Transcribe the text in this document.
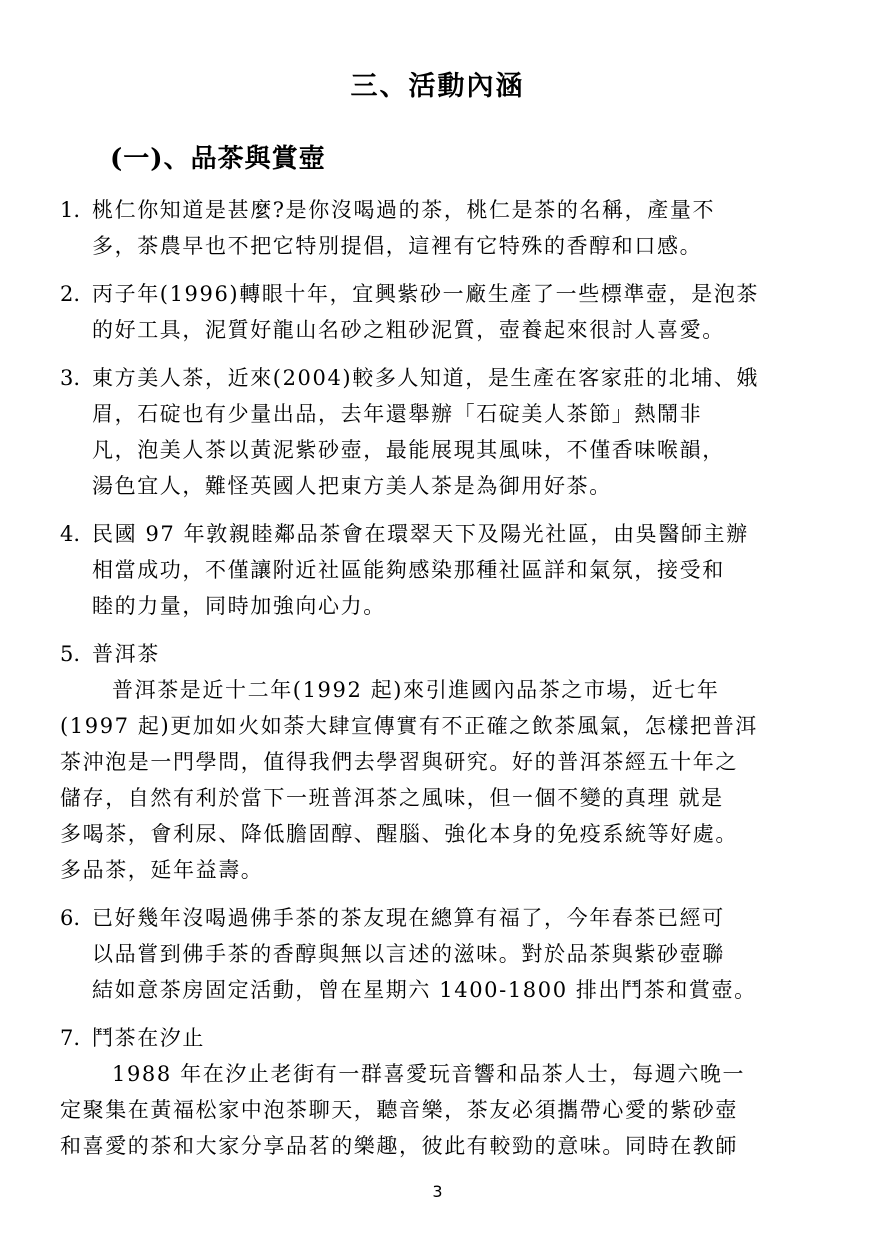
三、活動內涵
(一)、品茶與賞壺
1. 桃仁你知道是甚麼?是你沒喝過的茶，桃仁是茶的名稱，產量不
多，茶農早也不把它特別提倡，這裡有它特殊的香醇和口感。
2. 丙子年(1996)轉眼十年，宜興紫砂一廠生產了一些標準壺，是泡茶
的好工具，泥質好龍山名砂之粗砂泥質，壺養起來很討人喜愛。
3. 東方美人茶，近來(2004)較多人知道，是生產在客家莊的北埔、娥
眉，石碇也有少量出品，去年還舉辦「石碇美人茶節」熱鬧非
凡，泡美人茶以黃泥紫砂壺，最能展現其風味，不僅香味喉韻，
湯色宜人，難怪英國人把東方美人茶是為御用好茶。
4. 民國 97 年敦親睦鄰品茶會在環翠天下及陽光社區，由吳醫師主辦
相當成功，不僅讓附近社區能夠感染那種社區詳和氣氛，接受和
睦的力量，同時加強向心力。
5. 普洱茶
普洱茶是近十二年(1992 起)來引進國內品茶之市場，近七年
(1997 起)更加如火如荼大肆宣傳實有不正確之飲茶風氣，怎樣把普洱
茶沖泡是一門學問，值得我們去學習與研究。好的普洱茶經五十年之
儲存，自然有利於當下一班普洱茶之風味，但一個不變的真理 就是
多喝茶，會利尿、降低膽固醇、醒腦、強化本身的免疫系統等好處。
多品茶，延年益壽。
6. 已好幾年沒喝過佛手茶的茶友現在總算有福了，今年春茶已經可
以品嘗到佛手茶的香醇與無以言述的滋味。對於品茶與紫砂壺聯
結如意茶房固定活動，曾在星期六 1400-1800 排出鬥茶和賞壺。
7. 鬥茶在汐止
1988 年在汐止老街有一群喜愛玩音響和品茶人士，每週六晚一
定聚集在黃福松家中泡茶聊天，聽音樂，茶友必須攜帶心愛的紫砂壺
和喜愛的茶和大家分享品茗的樂趣，彼此有較勁的意味。同時在教師
3
